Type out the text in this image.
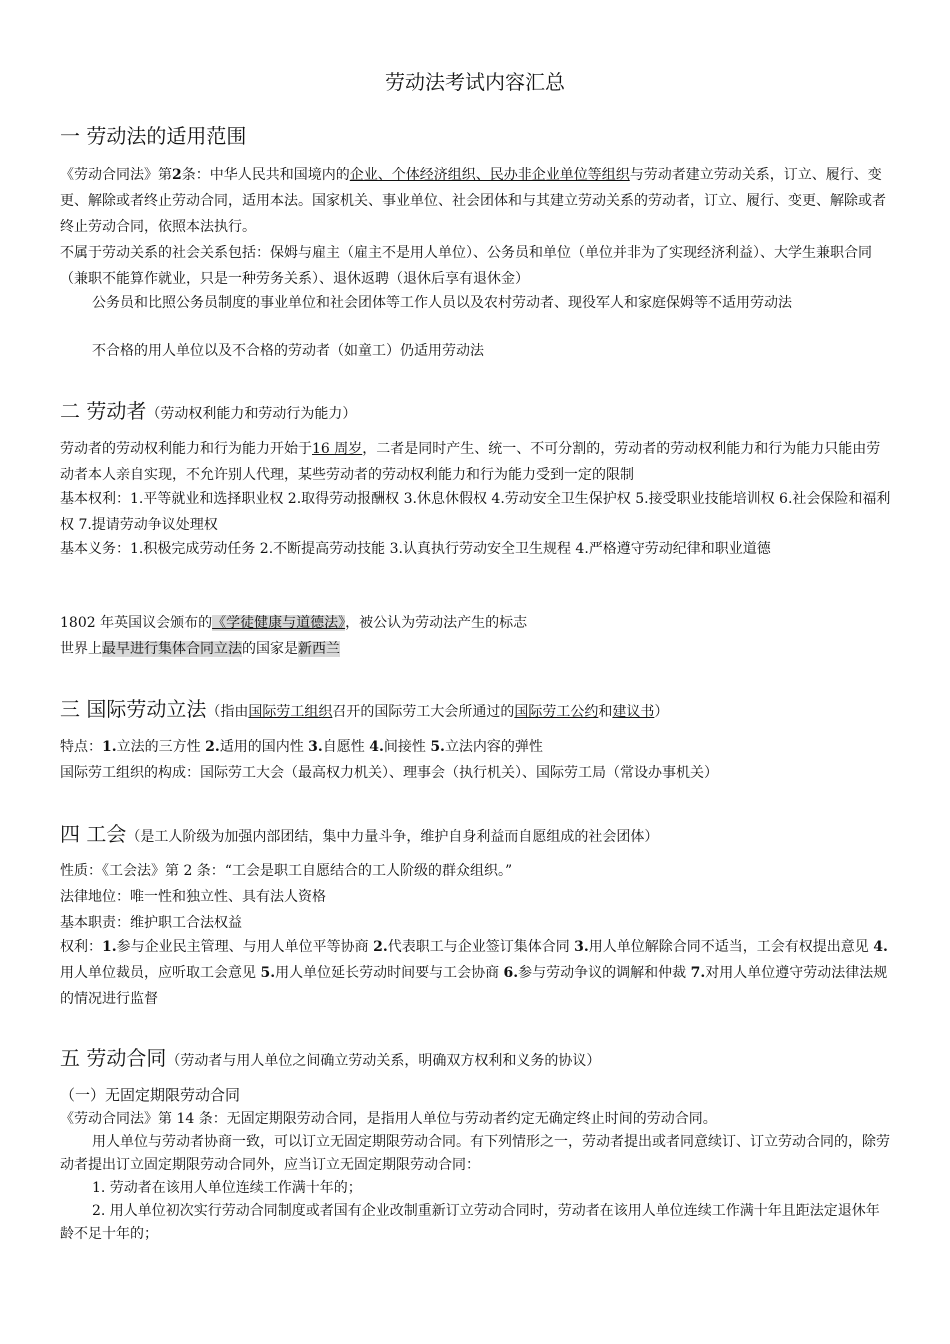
劳动法考试内容汇总
一 劳动法的适用范围

《劳动合同法》第2条：中华人民共和国境内的企业、个体经济组织、民办非企业单位等组织与劳动者建立劳动关系，订立、履行、变更、解除或者终止劳动合同，适用本法。国家机关、事业单位、社会团体和与其建立劳动关系的劳动者，订立、履行、变更、解除或者终止劳动合同，依照本法执行。

不属于劳动关系的社会关系包括：保姆与雇主（雇主不是用人单位）、公务员和单位（单位并非为了实现经济利益）、大学生兼职合同（兼职不能算作就业，只是一种劳务关系）、退休返聘（退休后享有退休金）

公务员和比照公务员制度的事业单位和社会团体等工作人员以及农村劳动者、现役军人和家庭保姆等不适用劳动法

不合格的用人单位以及不合格的劳动者（如童工）仍适用劳动法

二 劳动者（劳动权利能力和劳动行为能力）

劳动者的劳动权利能力和行为能力开始于16 周岁，二者是同时产生、统一、不可分割的，劳动者的劳动权利能力和行为能力只能由劳动者本人亲自实现，不允许别人代理，某些劳动者的劳动权利能力和行为能力受到一定的限制

基本权利：1.平等就业和选择职业权 2.取得劳动报酬权 3.休息休假权 4.劳动安全卫生保护权 5.接受职业技能培训权 6.社会保险和福利权 7.提请劳动争议处理权

基本义务：1.积极完成劳动任务 2.不断提高劳动技能 3.认真执行劳动安全卫生规程 4.严格遵守劳动纪律和职业道德

1802 年英国议会颁布的《学徒健康与道德法》，被公认为劳动法产生的标志

世界上最早进行集体合同立法的国家是新西兰

三 国际劳动立法（指由国际劳工组织召开的国际劳工大会所通过的国际劳工公约和建议书）

特点：1.立法的三方性 2.适用的国内性 3.自愿性 4.间接性 5.立法内容的弹性

国际劳工组织的构成：国际劳工大会（最高权力机关）、理事会（执行机关）、国际劳工局（常设办事机关）

四 工会（是工人阶级为加强内部团结，集中力量斗争，维护自身利益而自愿组成的社会团体）

性质：《工会法》第 2 条：“工会是职工自愿结合的工人阶级的群众组织。”

法律地位：唯一性和独立性、具有法人资格

基本职责：维护职工合法权益

权利：1.参与企业民主管理、与用人单位平等协商 2.代表职工与企业签订集体合同 3.用人单位解除合同不适当，工会有权提出意见 4.用人单位裁员，应听取工会意见 5.用人单位延长劳动时间要与工会协商 6.参与劳动争议的调解和仲裁 7.对用人单位遵守劳动法律法规的情况进行监督

五 劳动合同（劳动者与用人单位之间确立劳动关系，明确双方权利和义务的协议）

（一）无固定期限劳动合同

《劳动合同法》第 14 条：无固定期限劳动合同，是指用人单位与劳动者约定无确定终止时间的劳动合同。

用人单位与劳动者协商一致，可以订立无固定期限劳动合同。有下列情形之一，劳动者提出或者同意续订、订立劳动合同的，除劳动者提出订立固定期限劳动合同外，应当订立无固定期限劳动合同：

1. 劳动者在该用人单位连续工作满十年的；

2. 用人单位初次实行劳动合同制度或者国有企业改制重新订立劳动合同时，劳动者在该用人单位连续工作满十年且距法定退休年龄不足十年的；
